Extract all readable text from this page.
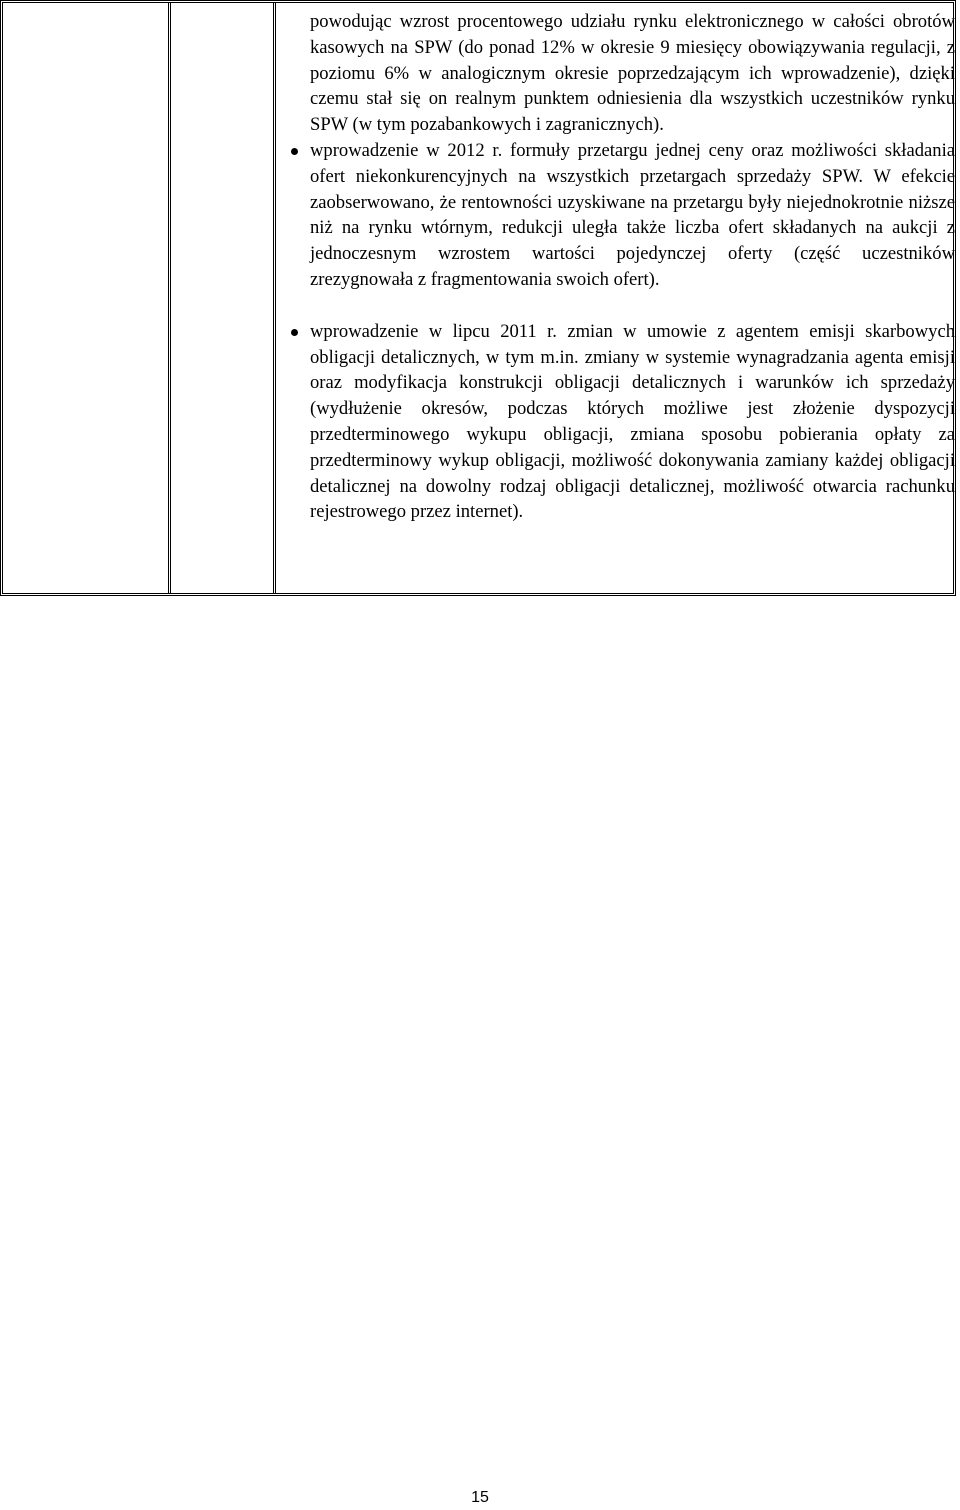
powodując wzrost procentowego udziału rynku elektronicznego w całości obrotów kasowych na SPW (do ponad 12% w okresie 9 miesięcy obowiązywania regulacji, z poziomu 6% w analogicznym okresie poprzedzającym ich wprowadzenie), dzięki czemu stał się on realnym punktem odniesienia dla wszystkich uczestników rynku SPW (w tym pozabankowych i zagranicznych).

wprowadzenie w 2012 r. formuły przetargu jednej ceny oraz możliwości składania ofert niekonkurencyjnych na wszystkich przetargach sprzedaży SPW. W efekcie zaobserwowano, że rentowności uzyskiwane na przetargu były niejednokrotnie niższe niż na rynku wtórnym, redukcji uległa także liczba ofert składanych na aukcji z jednoczesnym wzrostem wartości pojedynczej oferty (część uczestników zrezygnowała z fragmentowania swoich ofert).

wprowadzenie w lipcu 2011 r. zmian w umowie z agentem emisji skarbowych obligacji detalicznych, w tym m.in. zmiany w systemie wynagradzania agenta emisji oraz modyfikacja konstrukcji obligacji detalicznych i warunków ich sprzedaży (wydłużenie okresów, podczas których możliwe jest złożenie dyspozycji przedterminowego wykupu obligacji, zmiana sposobu pobierania opłaty za przedterminowy wykup obligacji, możliwość dokonywania zamiany każdej obligacji detalicznej na dowolny rodzaj obligacji detalicznej, możliwość otwarcia rachunku rejestrowego przez internet).

15
